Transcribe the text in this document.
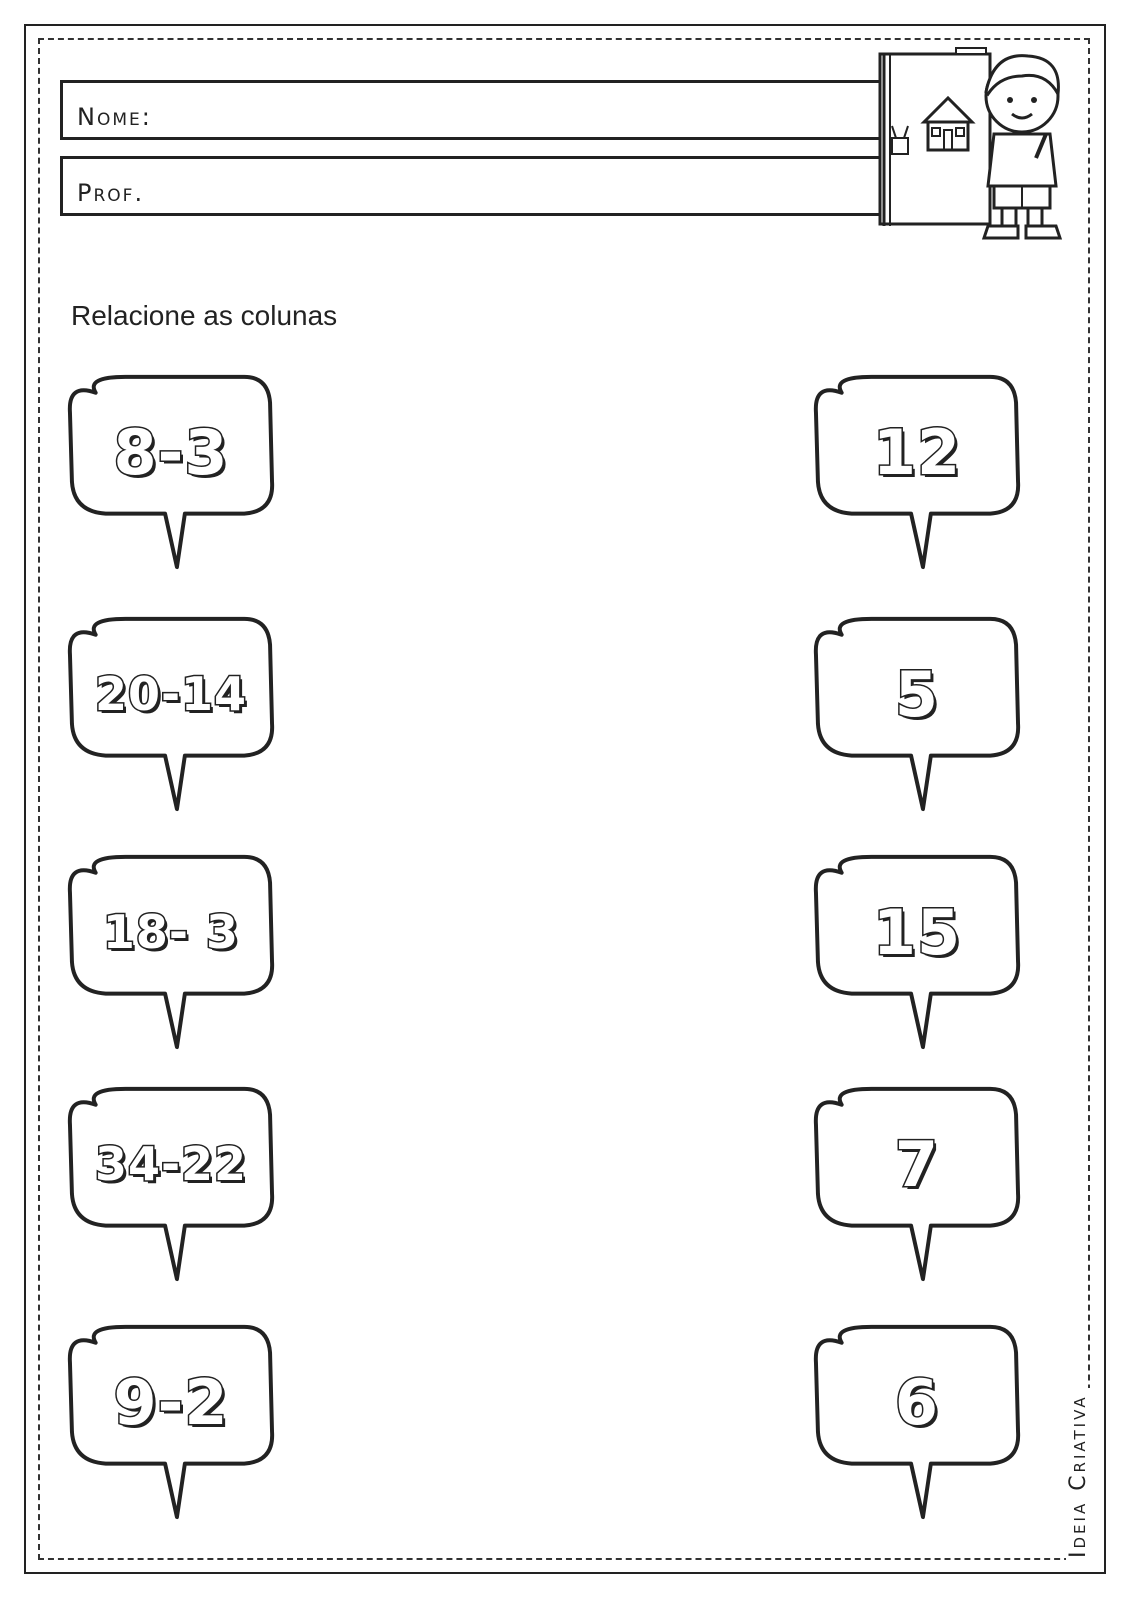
Nome:
Prof.
Relacione as colunas
8-3
20-14
18- 3
34-22
9-2
12
5
15
7
6	Ideia Criativa
